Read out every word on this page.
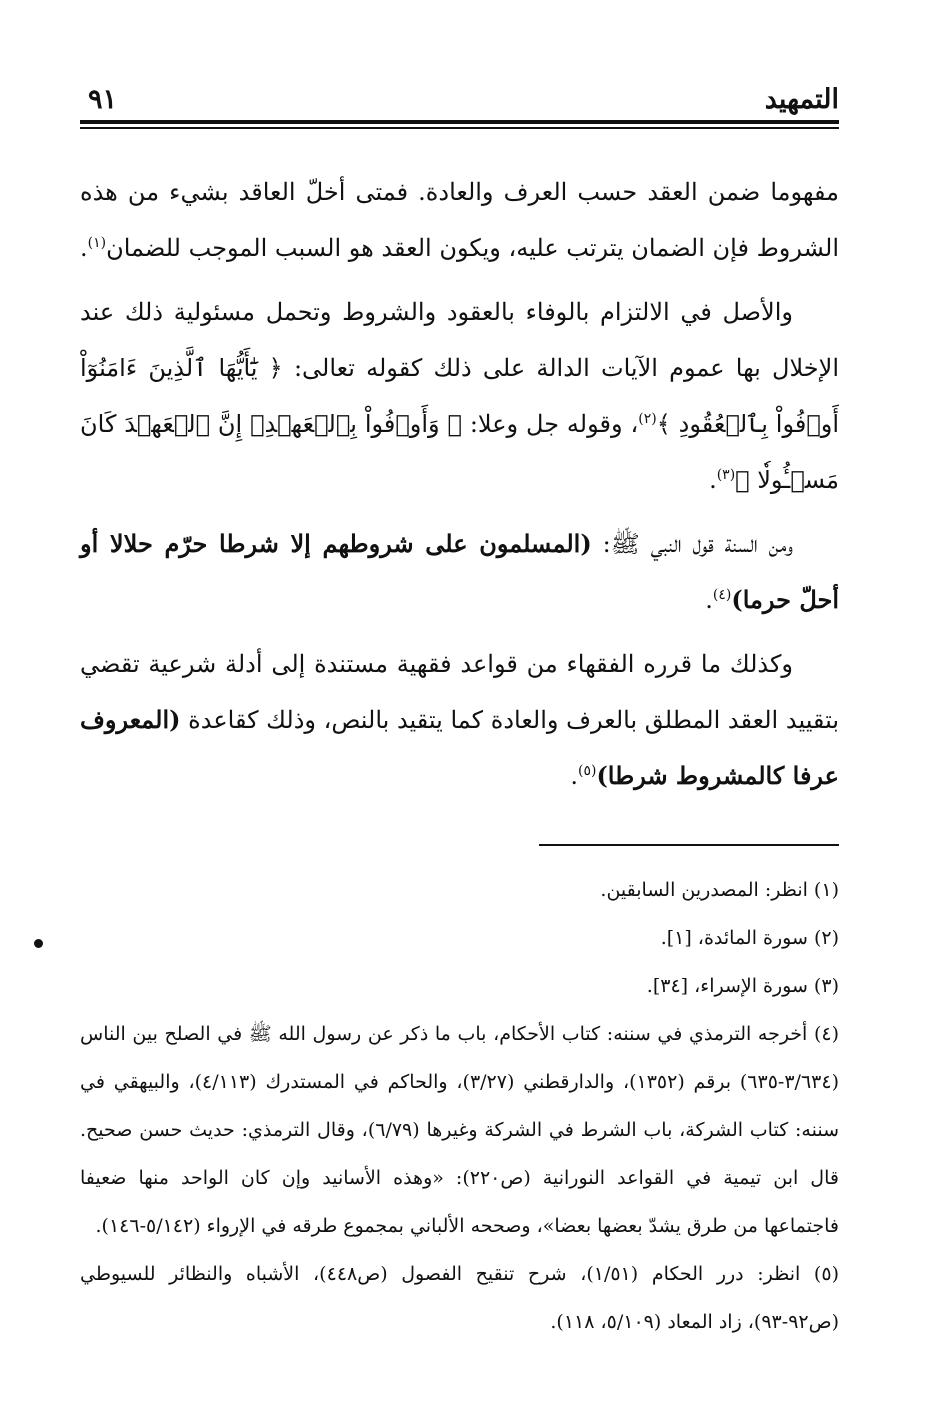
التمهيد
٩١

مفهوما ضمن العقد حسب العرف والعادة. فمتى أخلّ العاقد بشيء من هذه الشروط فإن الضمان يترتب عليه، ويكون العقد هو السبب الموجب للضمان$^{(١)}$.

والأصل في الالتزام بالوفاء بالعقود والشروط وتحمل مسئولية ذلك عند الإخلال بها عموم الآيات الدالة على ذلك كقوله تعالى: ﴿ يَٰٓأَيُّهَا ٱلَّذِينَ ءَامَنُوٓاْ أَوۡفُواْ بِٱلۡعُقُودِ ﴾$^{(٢)}$، وقوله جل وعلا: ﴿ وَأَوۡفُواْ بِٱلۡعَهۡدِۖ إِنَّ ٱلۡعَهۡدَ كَانَ مَسۡـُٔولٗا ﴾$^{(٣)}$.

ومن السنة قول النبي ﷺ: (المسلمون على شروطهم إلا شرطا حرّم حلالا أو أحلّ حرما)$^{(٤)}$.

وكذلك ما قرره الفقهاء من قواعد فقهية مستندة إلى أدلة شرعية تقضي بتقييد العقد المطلق بالعرف والعادة كما يتقيد بالنص، وذلك كقاعدة (المعروف عرفا كالمشروط شرطا)$^{(٥)}$.

(١) انظر: المصدرين السابقين.

(٢) سورة المائدة، [١].

(٣) سورة الإسراء، [٣٤].

(٤) أخرجه الترمذي في سننه: كتاب الأحكام، باب ما ذكر عن رسول الله ﷺ في الصلح بين الناس (٣/٦٣٤-٦٣٥) برقم (١٣٥٢)، والدارقطني (٣/٢٧)، والحاكم في المستدرك (٤/١١٣)، والبيهقي في سننه: كتاب الشركة، باب الشرط في الشركة وغيرها (٦/٧٩)، وقال الترمذي: حديث حسن صحيح. قال ابن تيمية في القواعد النورانية (ص٢٢٠): «وهذه الأسانيد وإن كان الواحد منها ضعيفا فاجتماعها من طرق يشدّ بعضها بعضا»، وصححه الألباني بمجموع طرقه في الإرواء (٥/١٤٢-١٤٦).

(٥) انظر: درر الحكام (١/٥١)، شرح تنقيح الفصول (ص٤٤٨)، الأشباه والنظائر للسيوطي (ص٩٢-٩٣)، زاد المعاد (٥/١٠٩، ١١٨).
